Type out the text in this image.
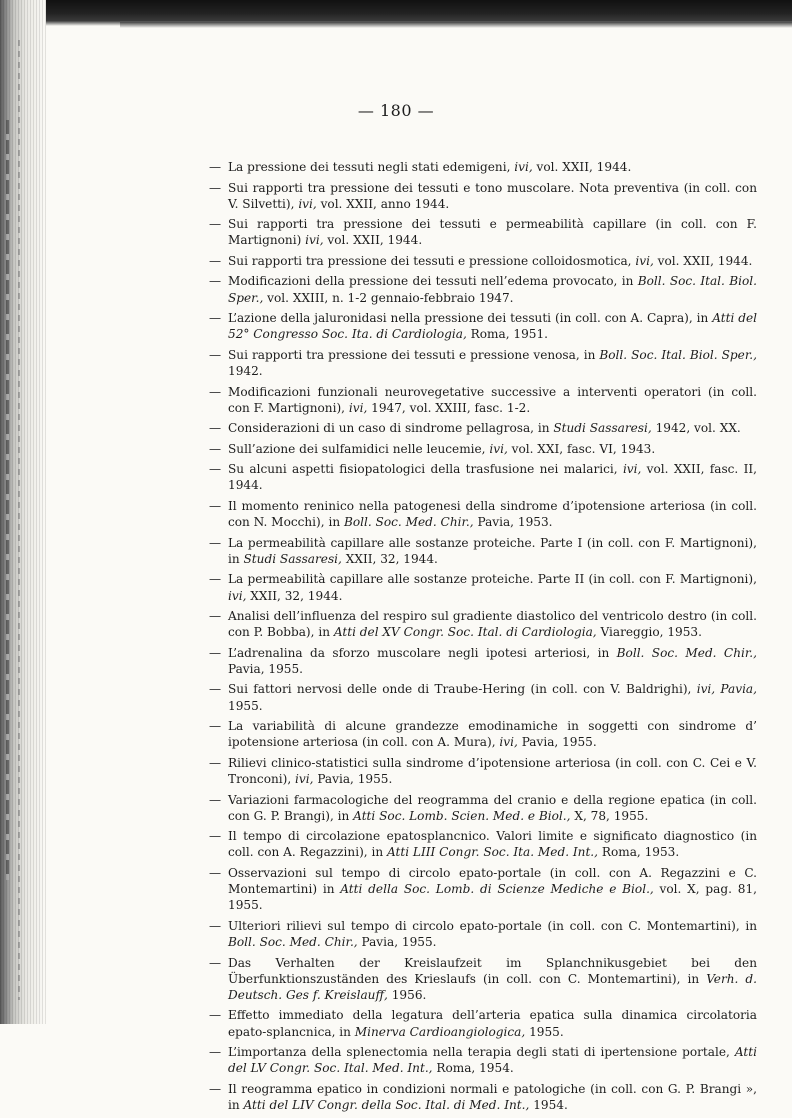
— 180 —
— La pressione dei tessuti negli stati edemigeni, ivi, vol. XXII, 1944.
— Sui rapporti tra pressione dei tessuti e tono muscolare. Nota preventiva (in coll. con V. Silvetti), ivi, vol. XXII, anno 1944.
— Sui rapporti tra pressione dei tessuti e permeabilità capillare (in coll. con F. Martignoni) ivi, vol. XXII, 1944.
— Sui rapporti tra pressione dei tessuti e pressione colloidosmotica, ivi, vol. XXII, 1944.
— Modificazioni della pressione dei tessuti nell’edema provocato, in Boll. Soc. Ital. Biol. Sper., vol. XXIII, n. 1-2 gennaio-febbraio 1947.
— L’azione della jaluronidasi nella pressione dei tessuti (in coll. con A. Capra), in Atti del 52° Congresso Soc. Ita. di Cardiologia, Roma, 1951.
— Sui rapporti tra pressione dei tessuti e pressione venosa, in Boll. Soc. Ital. Biol. Sper., 1942.
— Modificazioni funzionali neurovegetative successive a interventi operatori (in coll. con F. Martignoni), ivi, 1947, vol. XXIII, fasc. 1-2.
— Considerazioni di un caso di sindrome pellagrosa, in Studi Sassaresi, 1942, vol. XX.
— Sull’azione dei sulfamidici nelle leucemie, ivi, vol. XXI, fasc. VI, 1943.
— Su alcuni aspetti fisiopatologici della trasfusione nei malarici, ivi, vol. XXII, fasc. II, 1944.
— Il momento reninico nella patogenesi della sindrome d’ipotensione arteriosa (in coll. con N. Mocchi), in Boll. Soc. Med. Chir., Pavia, 1953.
— La permeabilità capillare alle sostanze proteiche. Parte I (in coll. con F. Martignoni), in Studi Sassaresi, XXII, 32, 1944.
— La permeabilità capillare alle sostanze proteiche. Parte II (in coll. con F. Martignoni), ivi, XXII, 32, 1944.
— Analisi dell’influenza del respiro sul gradiente diastolico del ventricolo destro (in coll. con P. Bobba), in Atti del XV Congr. Soc. Ital. di Cardiologia, Viareggio, 1953.
— L’adrenalina da sforzo muscolare negli ipotesi arteriosi, in Boll. Soc. Med. Chir., Pavia, 1955.
— Sui fattori nervosi delle onde di Traube-Hering (in coll. con V. Baldrighi), ivi, Pavia, 1955.
— La variabilità di alcune grandezze emodinamiche in soggetti con sindrome d’ ipotensione arteriosa (in coll. con A. Mura), ivi, Pavia, 1955.
— Rilievi clinico-statistici sulla sindrome d’ipotensione arteriosa (in coll. con C. Cei e V. Tronconi), ivi, Pavia, 1955.
— Variazioni farmacologiche del reogramma del cranio e della regione epatica (in coll. con G. P. Brangi), in Atti Soc. Lomb. Scien. Med. e Biol., X, 78, 1955.
— Il tempo di circolazione epatosplancnico. Valori limite e significato diagnostico (in coll. con A. Regazzini), in Atti LIII Congr. Soc. Ita. Med. Int., Roma, 1953.
— Osservazioni sul tempo di circolo epato-portale (in coll. con A. Regazzini e C. Montemartini) in Atti della Soc. Lomb. di Scienze Mediche e Biol., vol. X, pag. 81, 1955.
— Ulteriori rilievi sul tempo di circolo epato-portale (in coll. con C. Montemartini), in Boll. Soc. Med. Chir., Pavia, 1955.
— Das Verhalten der Kreislaufzeit im Splanchnikusgebiet bei den Überfunktionszuständen des Krieslaufs (in coll. con C. Montemartini), in Verh. d. Deutsch. Ges f. Kreislauff, 1956.
— Effetto immediato della legatura dell’arteria epatica sulla dinamica circolatoria epato-splancnica, in Minerva Cardioangiologica, 1955.
— L’importanza della splenectomia nella terapia degli stati di ipertensione portale, Atti del LV Congr. Soc. Ital. Med. Int., Roma, 1954.
— Il reogramma epatico in condizioni normali e patologiche (in coll. con G. P. Brangi », in Atti del LIV Congr. della Soc. Ital. di Med. Int., 1954.
